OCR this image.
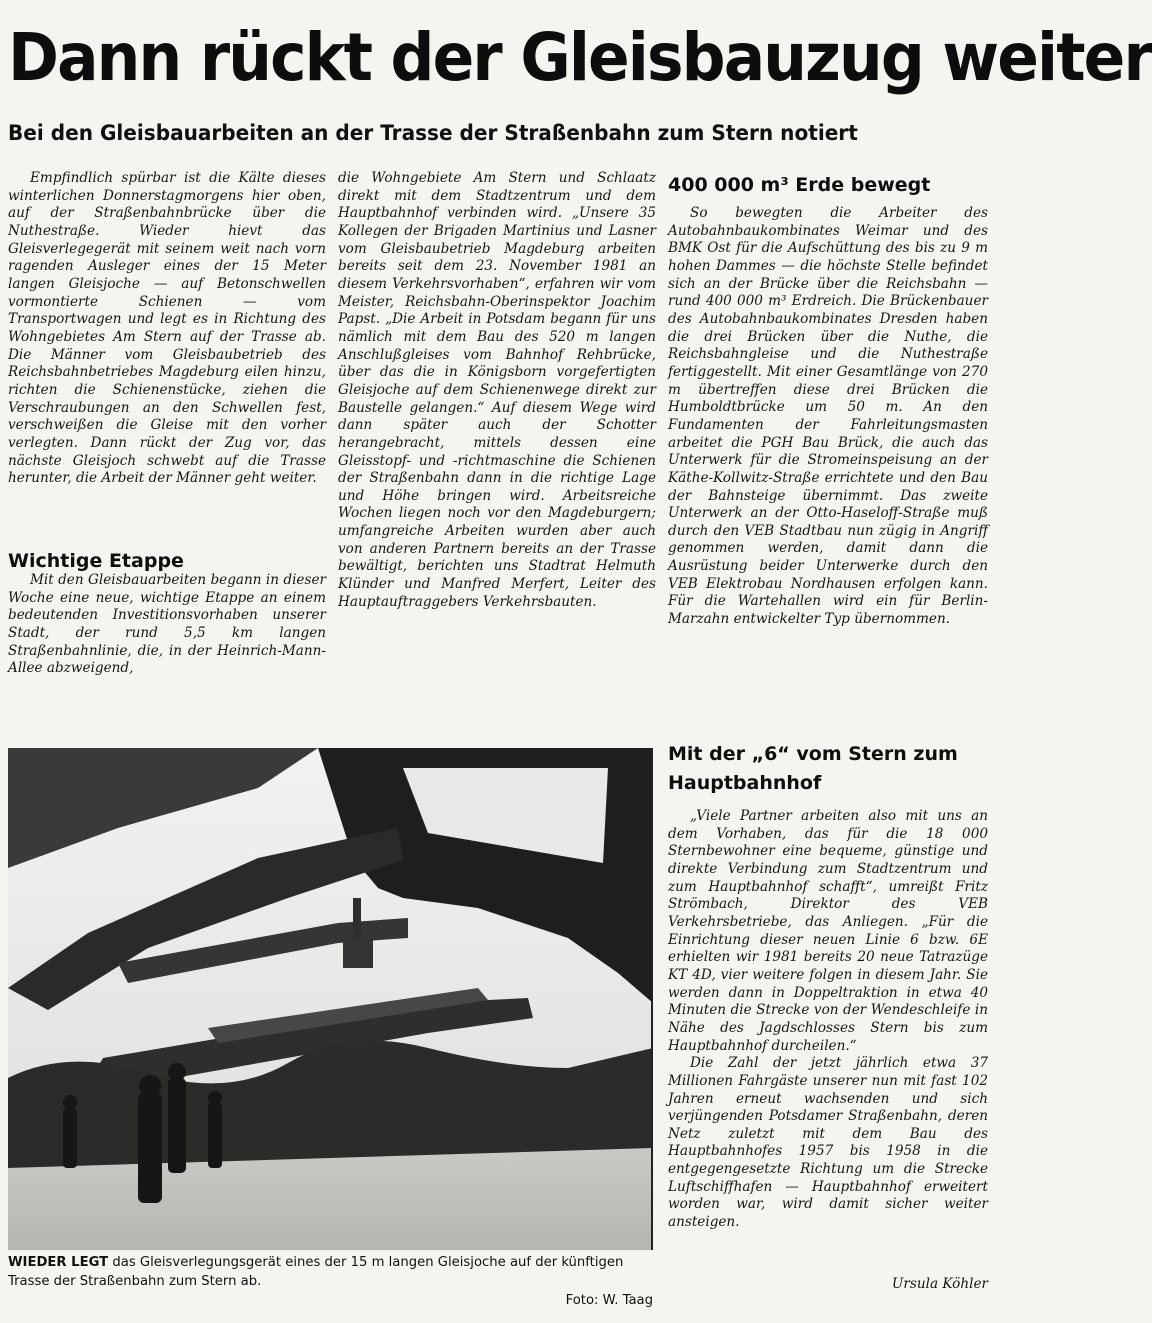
Dann rückt der Gleisbauzug weiter
Bei den Gleisbauarbeiten an der Trasse der Straßenbahn zum Stern notiert

Empfindlich spürbar ist die Kälte dieses winterlichen Donnerstagmorgens hier oben, auf der Straßenbahnbrücke über die Nuthestraße. Wieder hievt das Gleisverlegegerät mit seinem weit nach vorn ragenden Ausleger eines der 15 Meter langen Gleisjoche — auf Betonschwellen vormontierte Schienen — vom Transportwagen und legt es in Richtung des Wohngebietes Am Stern auf der Trasse ab. Die Männer vom Gleisbaubetrieb des Reichsbahnbetriebes Magdeburg eilen hinzu, richten die Schienenstücke, ziehen die Verschraubungen an den Schwellen fest, verschweißen die Gleise mit den vorher verlegten. Dann rückt der Zug vor, das nächste Gleisjoch schwebt auf die Trasse herunter, die Arbeit der Männer geht weiter.

Wichtige Etappe

Mit den Gleisbauarbeiten begann in dieser Woche eine neue, wichtige Etappe an einem bedeutenden Investitionsvorhaben unserer Stadt, der rund 5,5 km langen Straßenbahnlinie, die, in der Heinrich-Mann-Allee abzweigend,

die Wohngebiete Am Stern und Schlaatz direkt mit dem Stadtzentrum und dem Hauptbahnhof verbinden wird. „Unsere 35 Kollegen der Brigaden Martinius und Lasner vom Gleisbaubetrieb Magdeburg arbeiten bereits seit dem 23. November 1981 an diesem Verkehrsvorhaben“, erfahren wir vom Meister, Reichsbahn-Oberinspektor Joachim Papst. „Die Arbeit in Potsdam begann für uns nämlich mit dem Bau des 520 m langen Anschlußgleises vom Bahnhof Rehbrücke, über das die in Königsborn vorgefertigten Gleisjoche auf dem Schienenwege direkt zur Baustelle gelangen.“ Auf diesem Wege wird dann später auch der Schotter herangebracht, mittels dessen eine Gleisstopf- und -richtmaschine die Schienen der Straßenbahn dann in die richtige Lage und Höhe bringen wird. Arbeitsreiche Wochen liegen noch vor den Magdeburgern; umfangreiche Arbeiten wurden aber auch von anderen Partnern bereits an der Trasse bewältigt, berichten uns Stadtrat Helmuth Klünder und Manfred Merfert, Leiter des Hauptauftraggebers Verkehrsbauten.

400 000 m³ Erde bewegt

So bewegten die Arbeiter des Autobahnbaukombinates Weimar und des BMK Ost für die Aufschüttung des bis zu 9 m hohen Dammes — die höchste Stelle befindet sich an der Brücke über die Reichsbahn — rund 400 000 m³ Erdreich. Die Brückenbauer des Autobahnbaukombinates Dresden haben die drei Brücken über die Nuthe, die Reichsbahngleise und die Nuthestraße fertiggestellt. Mit einer Gesamtlänge von 270 m übertreffen diese drei Brücken die Humboldtbrücke um 50 m. An den Fundamenten der Fahrleitungsmasten arbeitet die PGH Bau Brück, die auch das Unterwerk für die Stromeinspeisung an der Käthe-Kollwitz-Straße errichtete und den Bau der Bahnsteige übernimmt. Das zweite Unterwerk an der Otto-Haseloff-Straße muß durch den VEB Stadtbau nun zügig in Angriff genommen werden, damit dann die Ausrüstung beider Unterwerke durch den VEB Elektrobau Nordhausen erfolgen kann. Für die Wartehallen wird ein für Berlin-Marzahn entwickelter Typ übernommen.

Mit der „6“ vom Stern zum Hauptbahnhof

„Viele Partner arbeiten also mit uns an dem Vorhaben, das für die 18 000 Sternbewohner eine bequeme, günstige und direkte Verbindung zum Stadtzentrum und zum Hauptbahnhof schafft“, umreißt Fritz Strömbach, Direktor des VEB Verkehrsbetriebe, das Anliegen. „Für die Einrichtung dieser neuen Linie 6 bzw. 6E erhielten wir 1981 bereits 20 neue Tatrazüge KT 4D, vier weitere folgen in diesem Jahr. Sie werden dann in Doppeltraktion in etwa 40 Minuten die Strecke von der Wendeschleife in Nähe des Jagdschlosses Stern bis zum Hauptbahnhof durcheilen.“

Die Zahl der jetzt jährlich etwa 37 Millionen Fahrgäste unserer nun mit fast 102 Jahren erneut wachsenden und sich verjüngenden Potsdamer Straßenbahn, deren Netz zuletzt mit dem Bau des Hauptbahnhofes 1957 bis 1958 in die entgegengesetzte Richtung um die Strecke Luftschiffhafen — Hauptbahnhof erweitert worden war, wird damit sicher weiter ansteigen.

Ursula Köhler
WIEDER LEGT das Gleisverlegungsgerät eines der 15 m langen Gleisjoche auf der künftigen Trasse der Straßenbahn zum Stern ab.
Foto: W. Taag
